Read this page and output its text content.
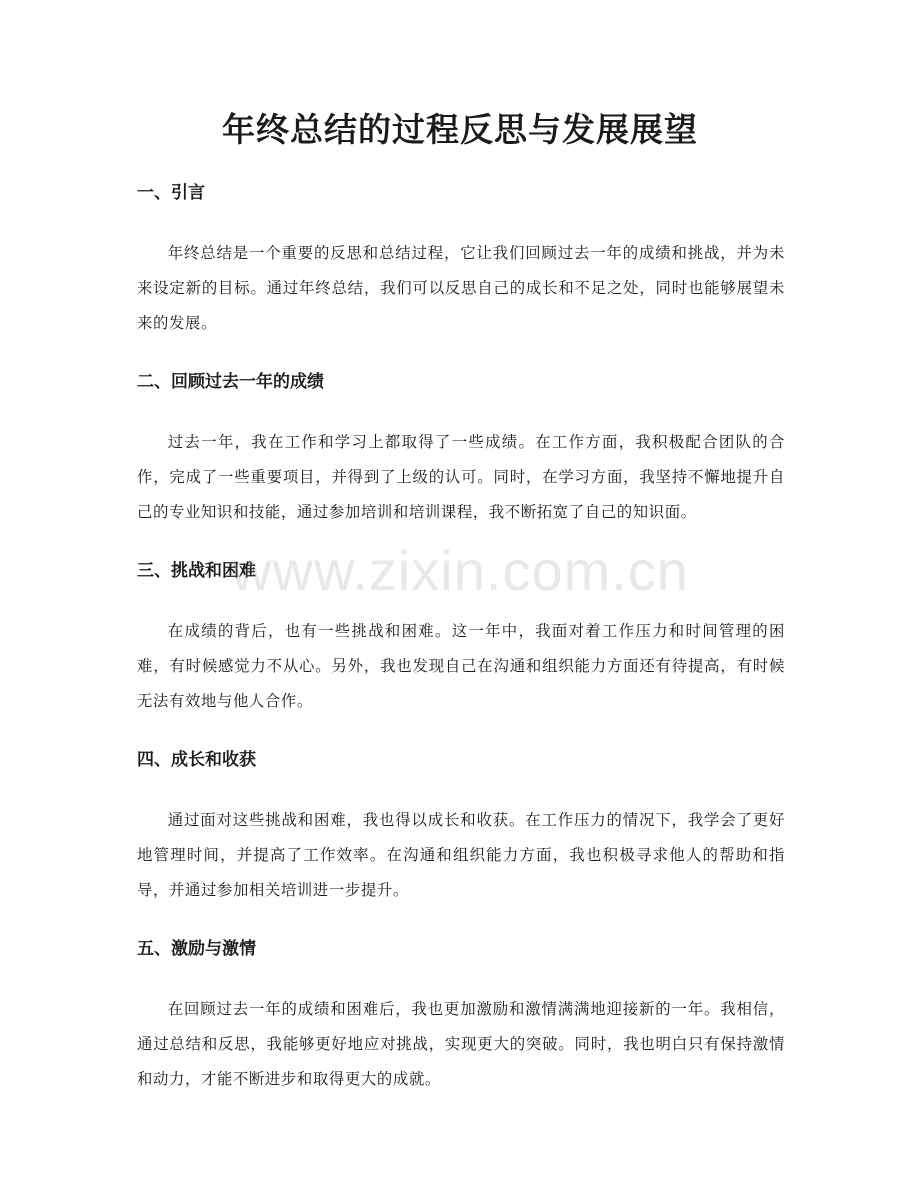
年终总结的过程反思与发展展望
一、引言
年终总结是一个重要的反思和总结过程，它让我们回顾过去一年的成绩和挑战，并为未来设定新的目标。通过年终总结，我们可以反思自己的成长和不足之处，同时也能够展望未来的发展。
二、回顾过去一年的成绩
过去一年，我在工作和学习上都取得了一些成绩。在工作方面，我积极配合团队的合作，完成了一些重要项目，并得到了上级的认可。同时，在学习方面，我坚持不懈地提升自己的专业知识和技能，通过参加培训和培训课程，我不断拓宽了自己的知识面。
三、挑战和困难
在成绩的背后，也有一些挑战和困难。这一年中，我面对着工作压力和时间管理的困难，有时候感觉力不从心。另外，我也发现自己在沟通和组织能力方面还有待提高，有时候无法有效地与他人合作。
四、成长和收获
通过面对这些挑战和困难，我也得以成长和收获。在工作压力的情况下，我学会了更好地管理时间，并提高了工作效率。在沟通和组织能力方面，我也积极寻求他人的帮助和指导，并通过参加相关培训进一步提升。
五、激励与激情
在回顾过去一年的成绩和困难后，我也更加激励和激情满满地迎接新的一年。我相信，通过总结和反思，我能够更好地应对挑战，实现更大的突破。同时，我也明白只有保持激情和动力，才能不断进步和取得更大的成就。
www.zixin.com.cn
